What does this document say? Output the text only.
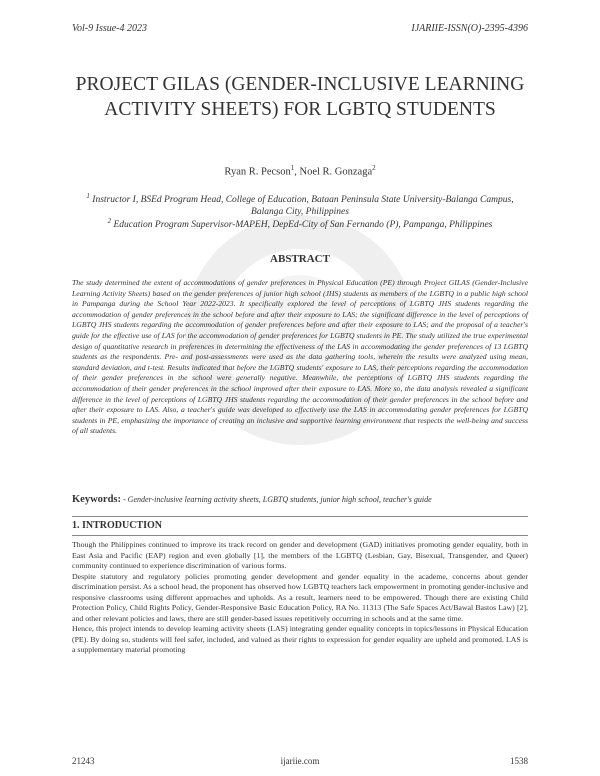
Vol-9 Issue-4 2023	IJARIIE-ISSN(O)-2395-4396
PROJECT GILAS (GENDER-INCLUSIVE LEARNING ACTIVITY SHEETS) FOR LGBTQ STUDENTS
Ryan R. Pecson$^1$, Noel R. Gonzaga$^2$
$^1$ Instructor I, BSEd Program Head, College of Education, Bataan Peninsula State University-Balanga Campus, Balanga City, Philippines
$^2$ Education Program Supervisor-MAPEH, DepEd-City of San Fernando (P), Pampanga, Philippines
ABSTRACT

The study determined the extent of accommodations of gender preferences in Physical Education (PE) through Project GILAS (Gender-Inclusive Learning Activity Sheets) based on the gender preferences of junior high school (JHS) students as members of the LGBTQ in a public high school in Pampanga during the School Year 2022-2023. It specifically explored the level of perceptions of LGBTQ JHS students regarding the accommodation of gender preferences in the school before and after their exposure to LAS; the significant difference in the level of perceptions of LGBTQ JHS students regarding the accommodation of gender preferences before and after their exposure to LAS; and the proposal of a teacher's guide for the effective use of LAS for the accommodation of gender preferences for LGBTQ students in PE. The study utilized the true experimental design of quantitative research in preferences in determining the effectiveness of the LAS in accommodating the gender preferences of 13 LGBTQ students as the respondents. Pre- and post-assessments were used as the data gathering tools, wherein the results were analyzed using mean, standard deviation, and t-test. Results indicated that before the LGBTQ students' exposure to LAS, their perceptions regarding the accommodation of their gender preferences in the school were generally negative. Meanwhile, the perceptions of LGBTQ JHS students regarding the accommodation of their gender preferences in the school improved after their exposure to LAS. More so, the data analysis revealed a significant difference in the level of perceptions of LGBTQ JHS students regarding the accommodation of their gender preferences in the school before and after their exposure to LAS. Also, a teacher's guide was developed to effectively use the LAS in accommodating gender preferences for LGBTQ students in PE, emphasizing the importance of creating an inclusive and supportive learning environment that respects the well-being and success of all students.

Keywords: - Gender-inclusive learning activity sheets, LGBTQ students, junior high school, teacher's guide
1. INTRODUCTION

Though the Philippines continued to improve its track record on gender and development (GAD) initiatives promoting gender equality, both in East Asia and Pacific (EAP) region and even globally [1], the members of the LGBTQ (Lesbian, Gay, Bisexual, Transgender, and Queer) community continued to experience discrimination of various forms.

Despite statutory and regulatory policies promoting gender development and gender equality in the academe, concerns about gender discrimination persist. As a school head, the proponent has observed how LGBTQ teachers lack empowerment in promoting gender-inclusive and responsive classrooms using different approaches and upholds. As a result, learners need to be empowered. Though there are existing Child Protection Policy, Child Rights Policy, Gender-Responsive Basic Education Policy, RA No. 11313 (The Safe Spaces Act/Bawal Bastos Law) [2], and other relevant policies and laws, there are still gender-based issues repetitively occurring in schools and at the same time.

Hence, this project intends to develop learning activity sheets (LAS) integrating gender equality concepts in topics/lessons in Physical Education (PE). By doing so, students will feel safer, included, and valued as their rights to expression for gender equality are upheld and promoted. LAS is a supplementary material promoting

21243	ijariie.com	1538
